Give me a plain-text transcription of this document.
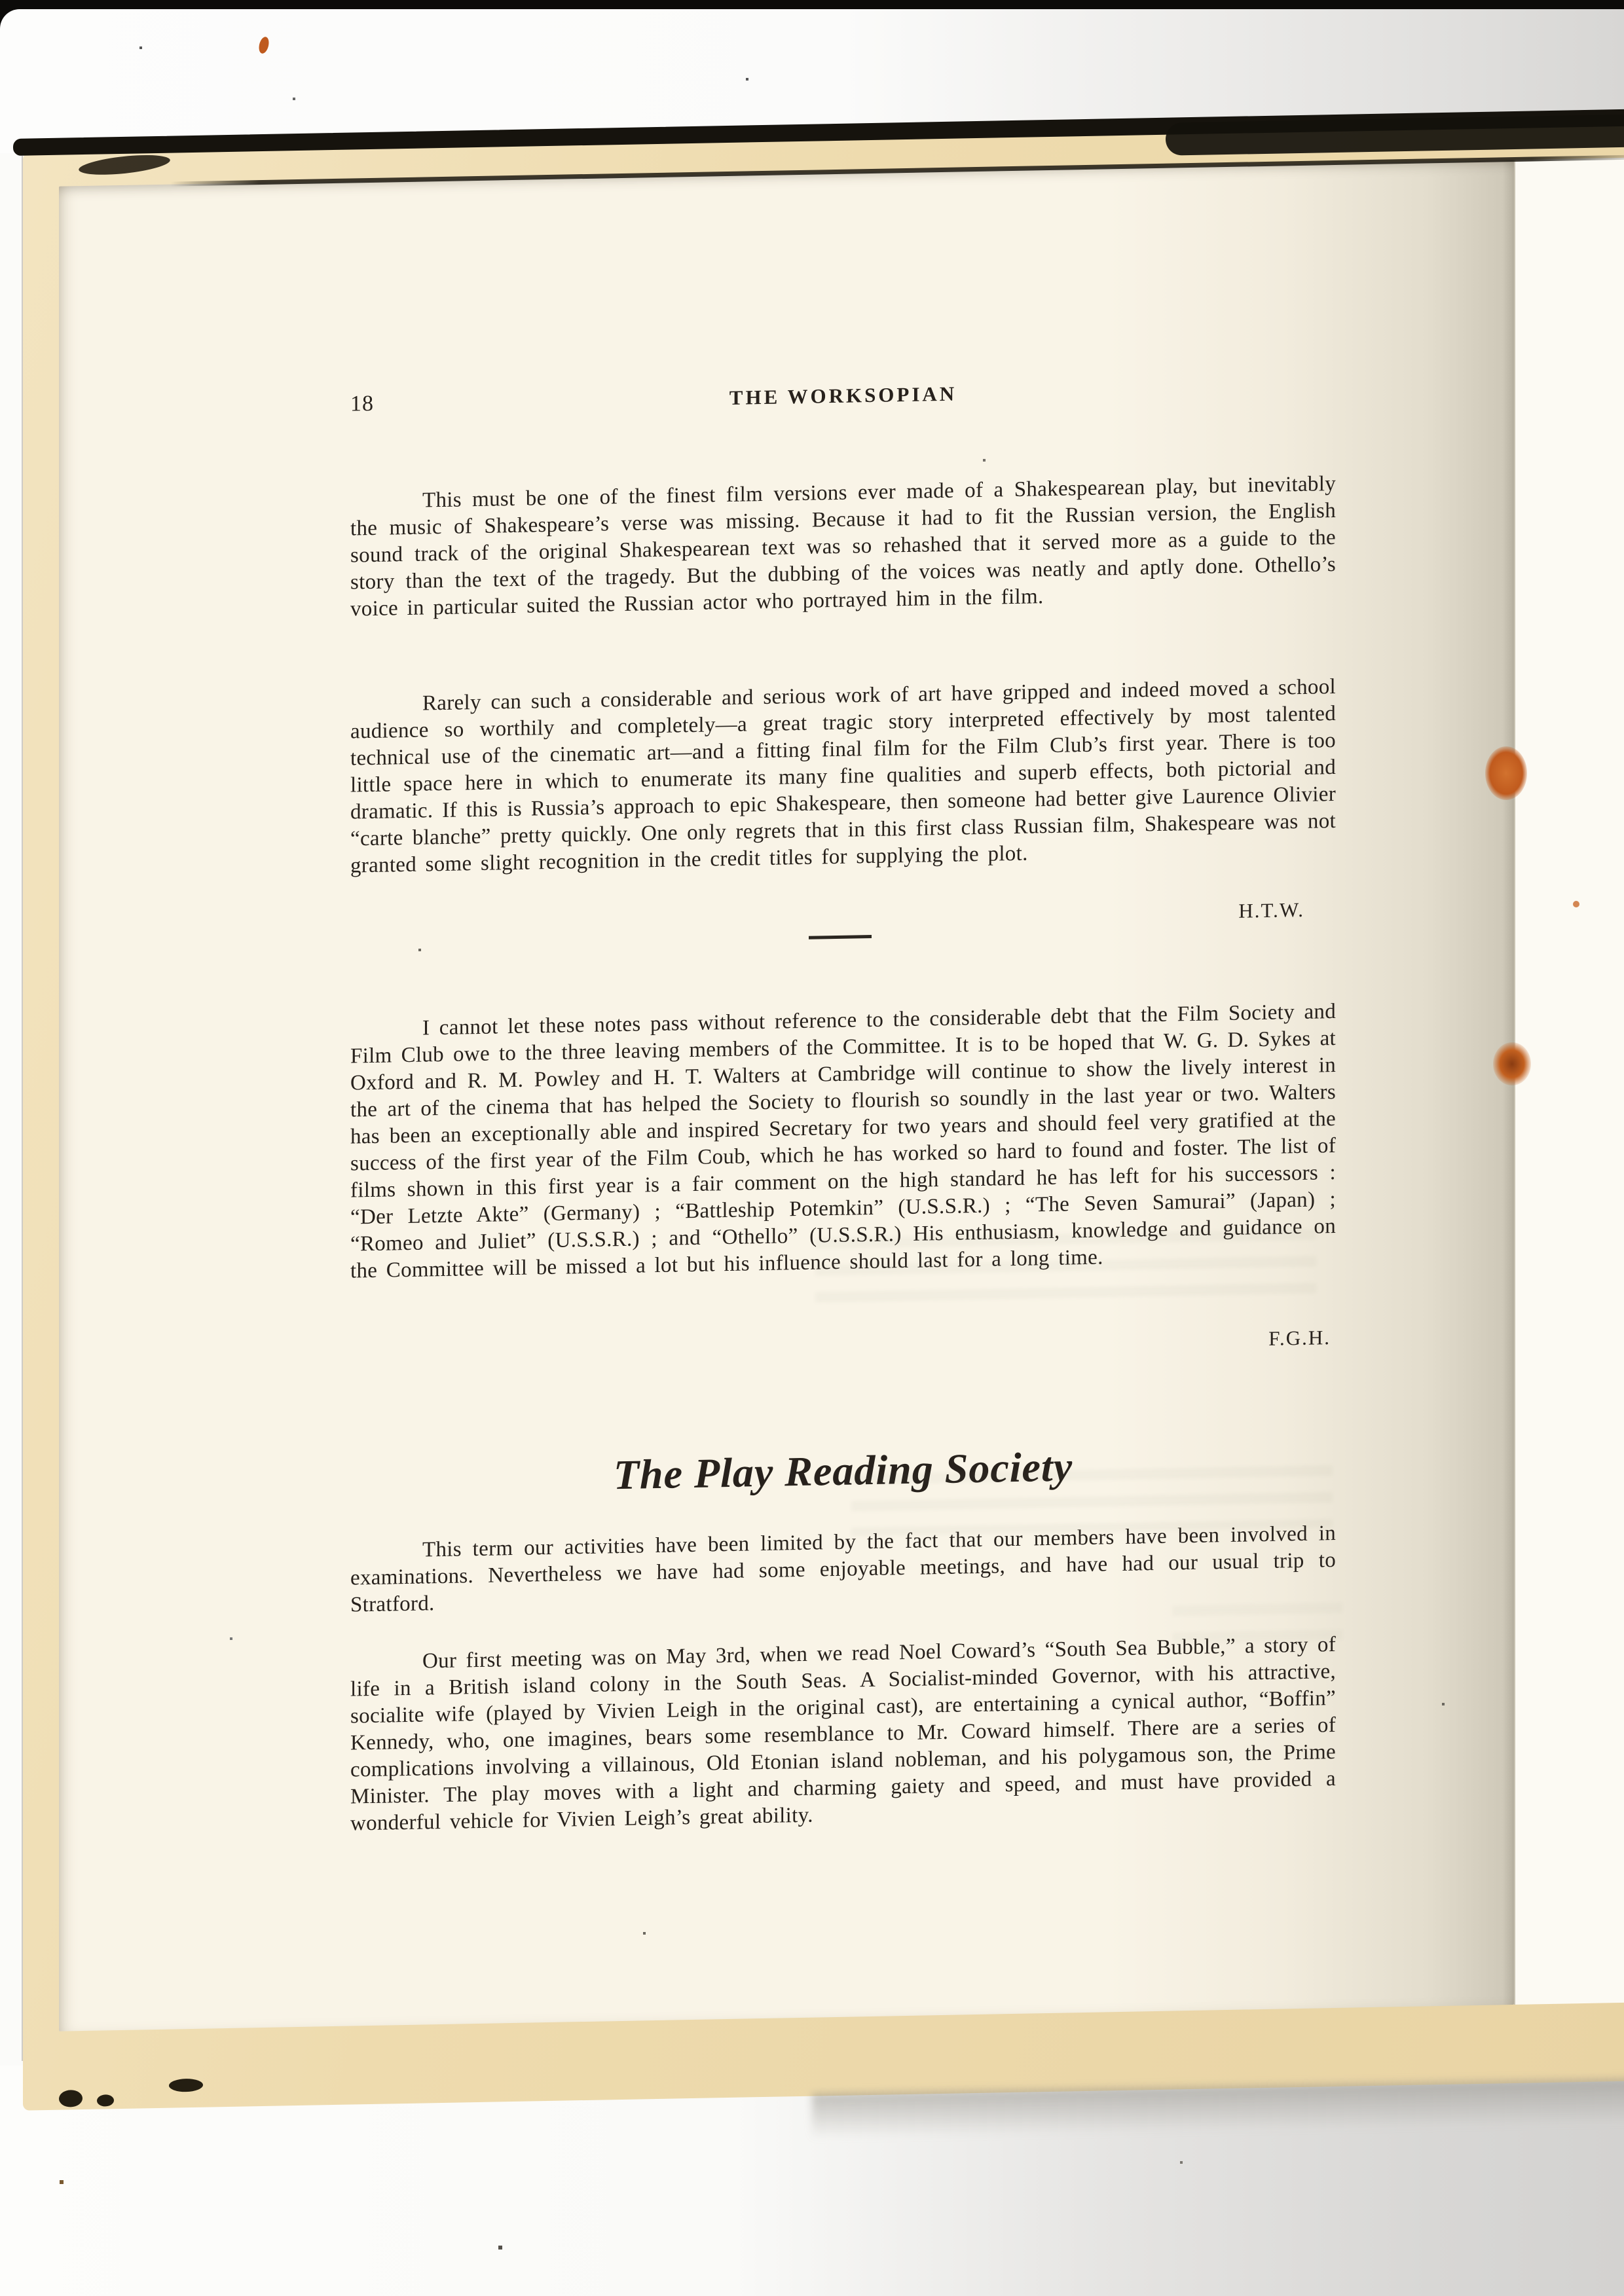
18	THE WORKSOPIAN

This must be one of the finest film versions ever made of a Shakespearean play, but inevitably the music of Shakespeare’s verse was missing. Because it had to fit the Russian version, the English sound track of the original Shakespearean text was so rehashed that it served more as a guide to the story than the text of the tragedy. But the dubbing of the voices was neatly and aptly done. Othello’s voice in particular suited the Russian actor who portrayed him in the film.

Rarely can such a considerable and serious work of art have gripped and indeed moved a school audience so worthily and completely—a great tragic story interpreted effectively by most talented technical use of the cinematic art—and a fitting final film for the Film Club’s first year. There is too little space here in which to enumerate its many fine qualities and superb effects, both pictorial and dramatic. If this is Russia’s approach to epic Shakespeare, then someone had better give Laurence Olivier “carte blanche” pretty quickly. One only regrets that in this first class Russian film, Shakespeare was not granted some slight recognition in the credit titles for supplying the plot.

H.T.W.

I cannot let these notes pass without reference to the considerable debt that the Film Society and Film Club owe to the three leaving members of the Committee. It is to be hoped that W. G. D. Sykes at Oxford and R. M. Powley and H. T. Walters at Cambridge will continue to show the lively interest in the art of the cinema that has helped the Society to flourish so soundly in the last year or two. Walters has been an exceptionally able and inspired Secretary for two years and should feel very gratified at the success of the first year of the Film Coub, which he has worked so hard to found and foster. The list of films shown in this first year is a fair comment on the high standard he has left for his successors : “Der Letzte Akte” (Germany) ; “Battleship Potemkin” (U.S.S.R.) ; “The Seven Samurai” (Japan) ; “Romeo and Juliet” (U.S.S.R.) ; and “Othello” (U.S.S.R.) His enthusiasm, knowledge and guidance on the Committee will be missed a lot but his influence should last for a long time.

F.G.H.
The Play Reading Society

This term our activities have been limited by the fact that our members have been involved in examinations. Nevertheless we have had some enjoyable meetings, and have had our usual trip to Stratford.

Our first meeting was on May 3rd, when we read Noel Coward’s “South Sea Bubble,” a story of life in a British island colony in the South Seas. A Socialist-minded Governor, with his attractive, socialite wife (played by Vivien Leigh in the original cast), are entertaining a cynical author, “Boffin” Kennedy, who, one imagines, bears some resemblance to Mr. Coward himself. There are a series of complications involving a villainous, Old Etonian island nobleman, and his polygamous son, the Prime Minister. The play moves with a light and charming gaiety and speed, and must have provided a wonderful vehicle for Vivien Leigh’s great ability.
